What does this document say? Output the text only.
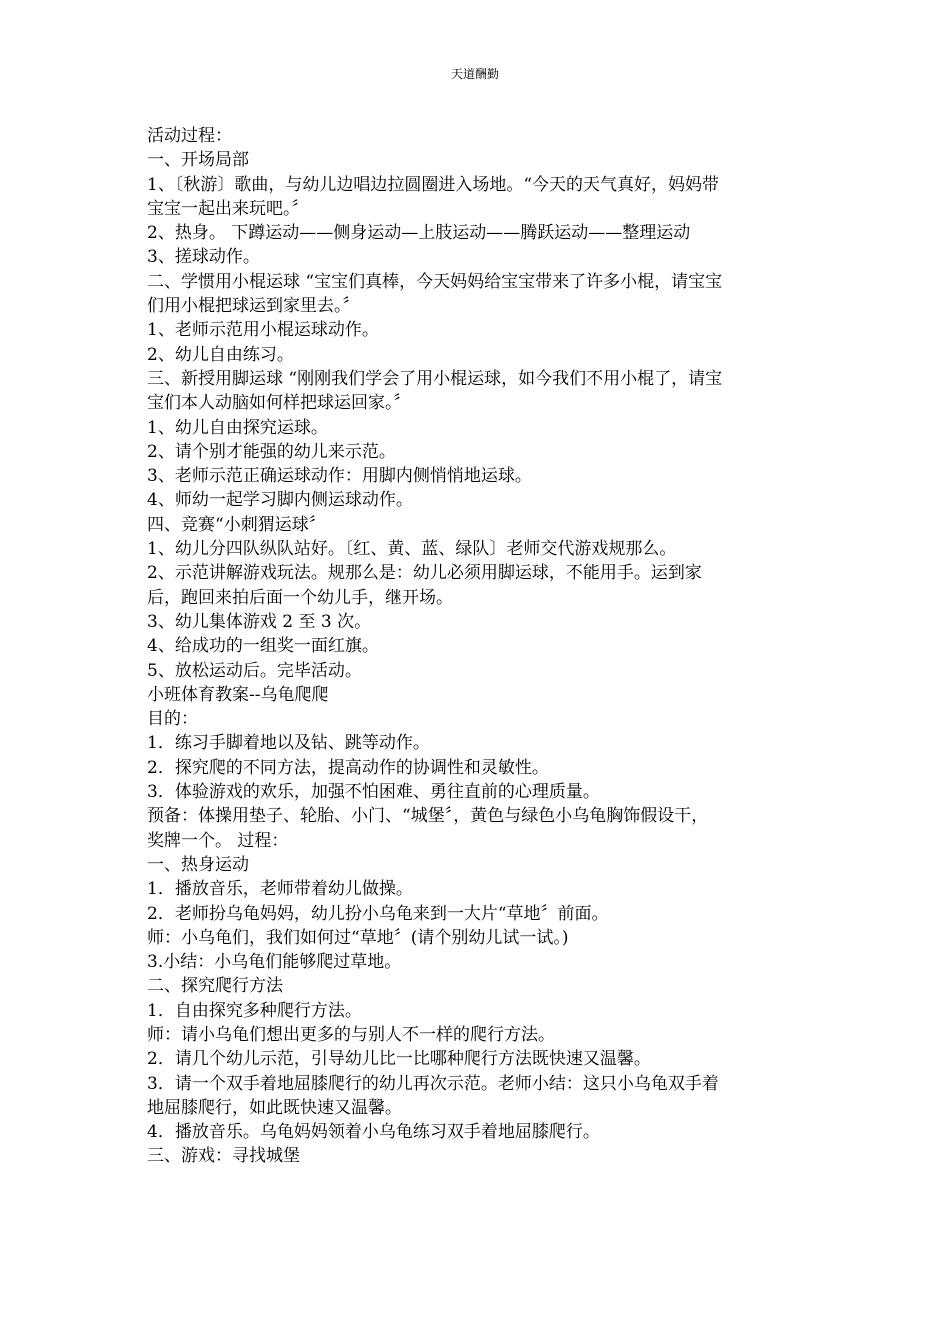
天道酬勤

活动过程：

一、开场局部

1、〔秋游〕歌曲，与幼儿边唱边拉圆圈进入场地。“今天的天气真好，妈妈带

宝宝一起出来玩吧。〞

2、热身。 下蹲运动——侧身运动—上肢运动——腾跃运动——整理运动

3、搓球动作。

二、学惯用小棍运球 “宝宝们真棒，今天妈妈给宝宝带来了许多小棍，请宝宝

们用小棍把球运到家里去。〞

1、老师示范用小棍运球动作。

2、幼儿自由练习。

三、新授用脚运球 “刚刚我们学会了用小棍运球，如今我们不用小棍了，请宝

宝们本人动脑如何样把球运回家。〞

1、幼儿自由探究运球。

2、请个别才能强的幼儿来示范。

3、老师示范正确运球动作：用脚内侧悄悄地运球。

4、师幼一起学习脚内侧运球动作。

四、竞赛“小刺猬运球〞

1、幼儿分四队纵队站好。〔红、黄、蓝、绿队〕老师交代游戏规那么。

2、示范讲解游戏玩法。规那么是：幼儿必须用脚运球，不能用手。运到家

后，跑回来拍后面一个幼儿手，继开场。

3、幼儿集体游戏 2 至 3 次。

4、给成功的一组奖一面红旗。

5、放松运动后。完毕活动。

小班体育教案--乌龟爬爬

目的：

1．练习手脚着地以及钻、跳等动作。

2．探究爬的不同方法，提高动作的协调性和灵敏性。

3．体验游戏的欢乐，加强不怕困难、勇往直前的心理质量。

预备：体操用垫子、轮胎、小门、“城堡〞，黄色与绿色小乌龟胸饰假设干，

奖牌一个。 过程：

一、热身运动

1．播放音乐，老师带着幼儿做操。

2．老师扮乌龟妈妈，幼儿扮小乌龟来到一大片“草地〞前面。

师：小乌龟们，我们如何过“草地〞(请个别幼儿试一试。)

3.小结：小乌龟们能够爬过草地。

二、探究爬行方法

1．自由探究多种爬行方法。

师：请小乌龟们想出更多的与别人不一样的爬行方法。

2．请几个幼儿示范，引导幼儿比一比哪种爬行方法既快速又温馨。

3．请一个双手着地屈膝爬行的幼儿再次示范。老师小结：这只小乌龟双手着

地屈膝爬行，如此既快速又温馨。

4．播放音乐。乌龟妈妈领着小乌龟练习双手着地屈膝爬行。

三、游戏：寻找城堡
